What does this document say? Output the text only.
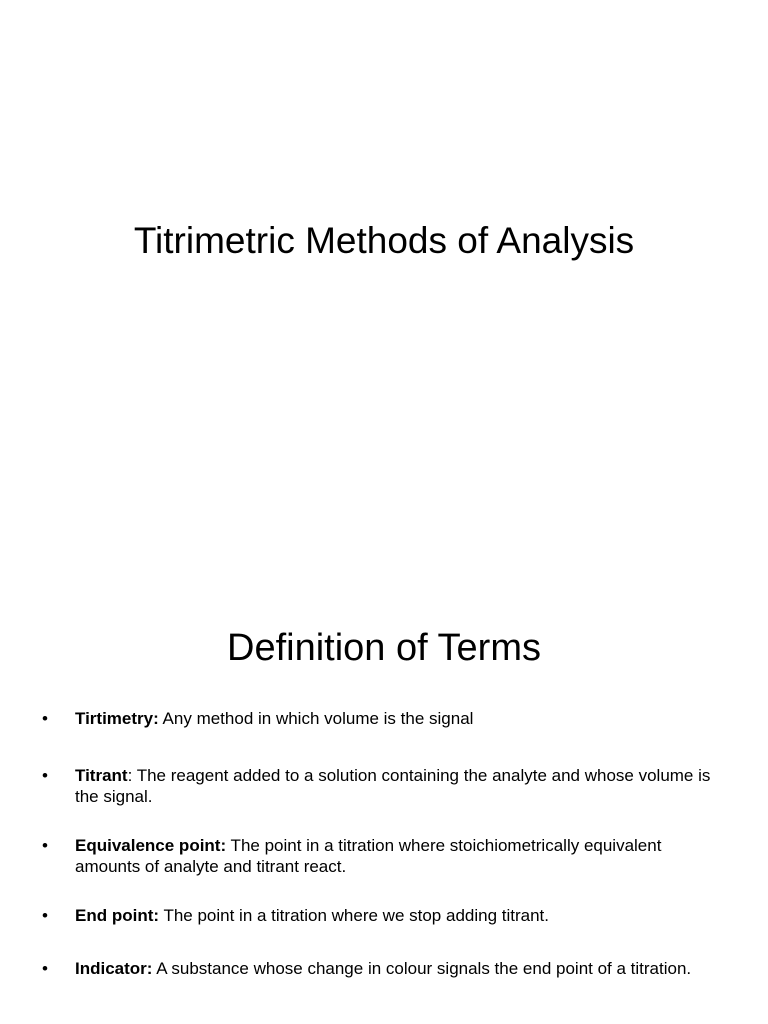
Titrimetric Methods of Analysis
Definition of Terms
•	Tirtimetry: Any method in which volume is the signal
•	Titrant: The reagent added to a solution containing the analyte and whose volume is the signal.
•	Equivalence point: The point in a titration where stoichiometrically equivalent amounts of analyte and titrant react.
•	End point: The point in a titration where we stop adding titrant.
•	Indicator: A substance whose change in colour signals the end point of a titration.
